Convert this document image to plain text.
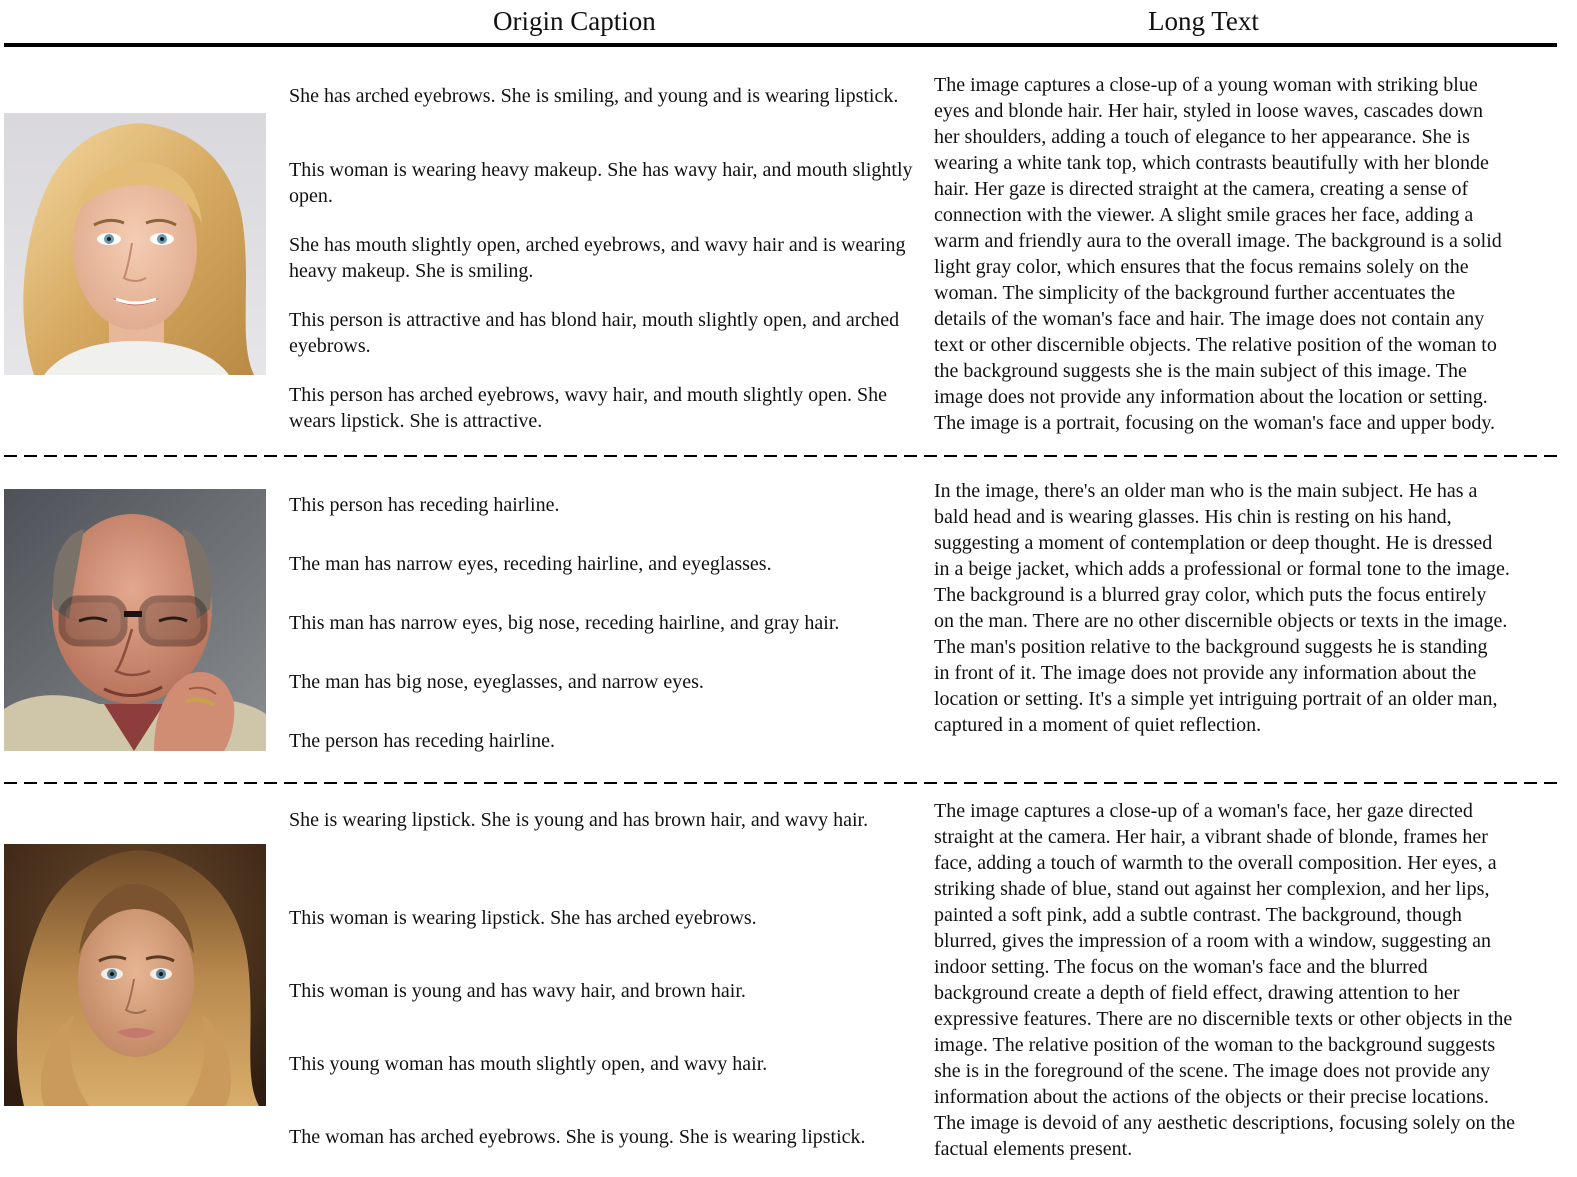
Origin Caption	Long Text
She has arched eyebrows. She is smiling, and young and is wearing lipstick.
This woman is wearing heavy makeup. She has wavy hair, and mouth slightly open.
She has mouth slightly open, arched eyebrows, and wavy hair and is wearing heavy makeup. She is smiling.
This person is attractive and has blond hair, mouth slightly open, and arched eyebrows.
This person has arched eyebrows, wavy hair, and mouth slightly open. She wears lipstick. She is attractive.

The image captures a close-up of a young woman with striking blue
eyes and blonde hair. Her hair, styled in loose waves, cascades down
her shoulders, adding a touch of elegance to her appearance. She is
wearing a white tank top, which contrasts beautifully with her blonde
hair. Her gaze is directed straight at the camera, creating a sense of
connection with the viewer. A slight smile graces her face, adding a
warm and friendly aura to the overall image. The background is a solid
light gray color, which ensures that the focus remains solely on the
woman. The simplicity of the background further accentuates the
details of the woman's face and hair. The image does not contain any
text or other discernible objects. The relative position of the woman to
the background suggests she is the main subject of this image. The
image does not provide any information about the location or setting.
The image is a portrait, focusing on the woman's face and upper body.

This person has receding hairline.
The man has narrow eyes, receding hairline, and eyeglasses.
This man has narrow eyes, big nose, receding hairline, and gray hair.
The man has big nose, eyeglasses, and narrow eyes.
The person has receding hairline.

In the image, there's an older man who is the main subject. He has a
bald head and is wearing glasses. His chin is resting on his hand,
suggesting a moment of contemplation or deep thought. He is dressed
in a beige jacket, which adds a professional or formal tone to the image.
The background is a blurred gray color, which puts the focus entirely
on the man. There are no other discernible objects or texts in the image.
The man's position relative to the background suggests he is standing
in front of it. The image does not provide any information about the
location or setting. It's a simple yet intriguing portrait of an older man,
captured in a moment of quiet reflection.

She is wearing lipstick. She is young and has brown hair, and wavy hair.
This woman is wearing lipstick. She has arched eyebrows.
This woman is young and has wavy hair, and brown hair.
This young woman has mouth slightly open, and wavy hair.
The woman has arched eyebrows. She is young. She is wearing lipstick.

The image captures a close-up of a woman's face, her gaze directed
straight at the camera. Her hair, a vibrant shade of blonde, frames her
face, adding a touch of warmth to the overall composition. Her eyes, a
striking shade of blue, stand out against her complexion, and her lips,
painted a soft pink, add a subtle contrast. The background, though
blurred, gives the impression of a room with a window, suggesting an
indoor setting. The focus on the woman's face and the blurred
background create a depth of field effect, drawing attention to her
expressive features. There are no discernible texts or other objects in the
image. The relative position of the woman to the background suggests
she is in the foreground of the scene. The image does not provide any
information about the actions of the objects or their precise locations.
The image is devoid of any aesthetic descriptions, focusing solely on the
factual elements present.
